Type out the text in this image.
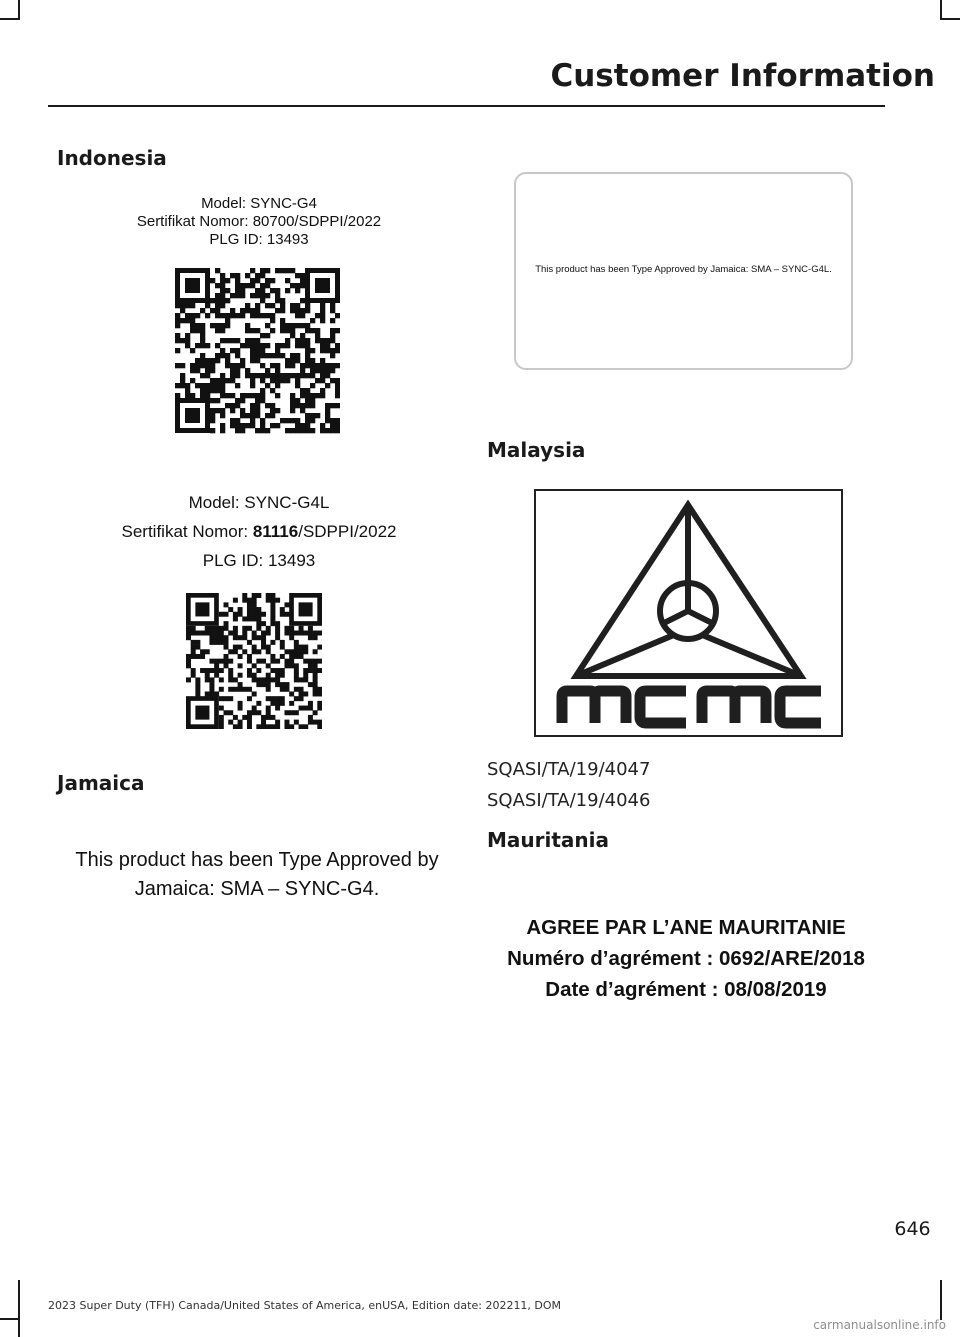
Customer Information
Indonesia
Model: SYNC-G4
Sertifikat Nomor: 80700/SDPPI/2022
PLG ID: 13493
Model: SYNC-G4L
Sertifikat Nomor: 81116/SDPPI/2022
PLG ID: 13493
Jamaica
This product has been Type Approved by
Jamaica: SMA – SYNC-G4.
This product has been Type Approved by Jamaica: SMA – SYNC-G4L.
Malaysia
SQASI/TA/19/4047
SQASI/TA/19/4046
Mauritania
AGREE PAR L’ANE MAURITANIE
Numéro d’agrément : 0692/ARE/2018
Date d’agrément : 08/08/2019
646
2023 Super Duty (TFH) Canada/United States of America, enUSA, Edition date: 202211, DOM
carmanualsonline.info
